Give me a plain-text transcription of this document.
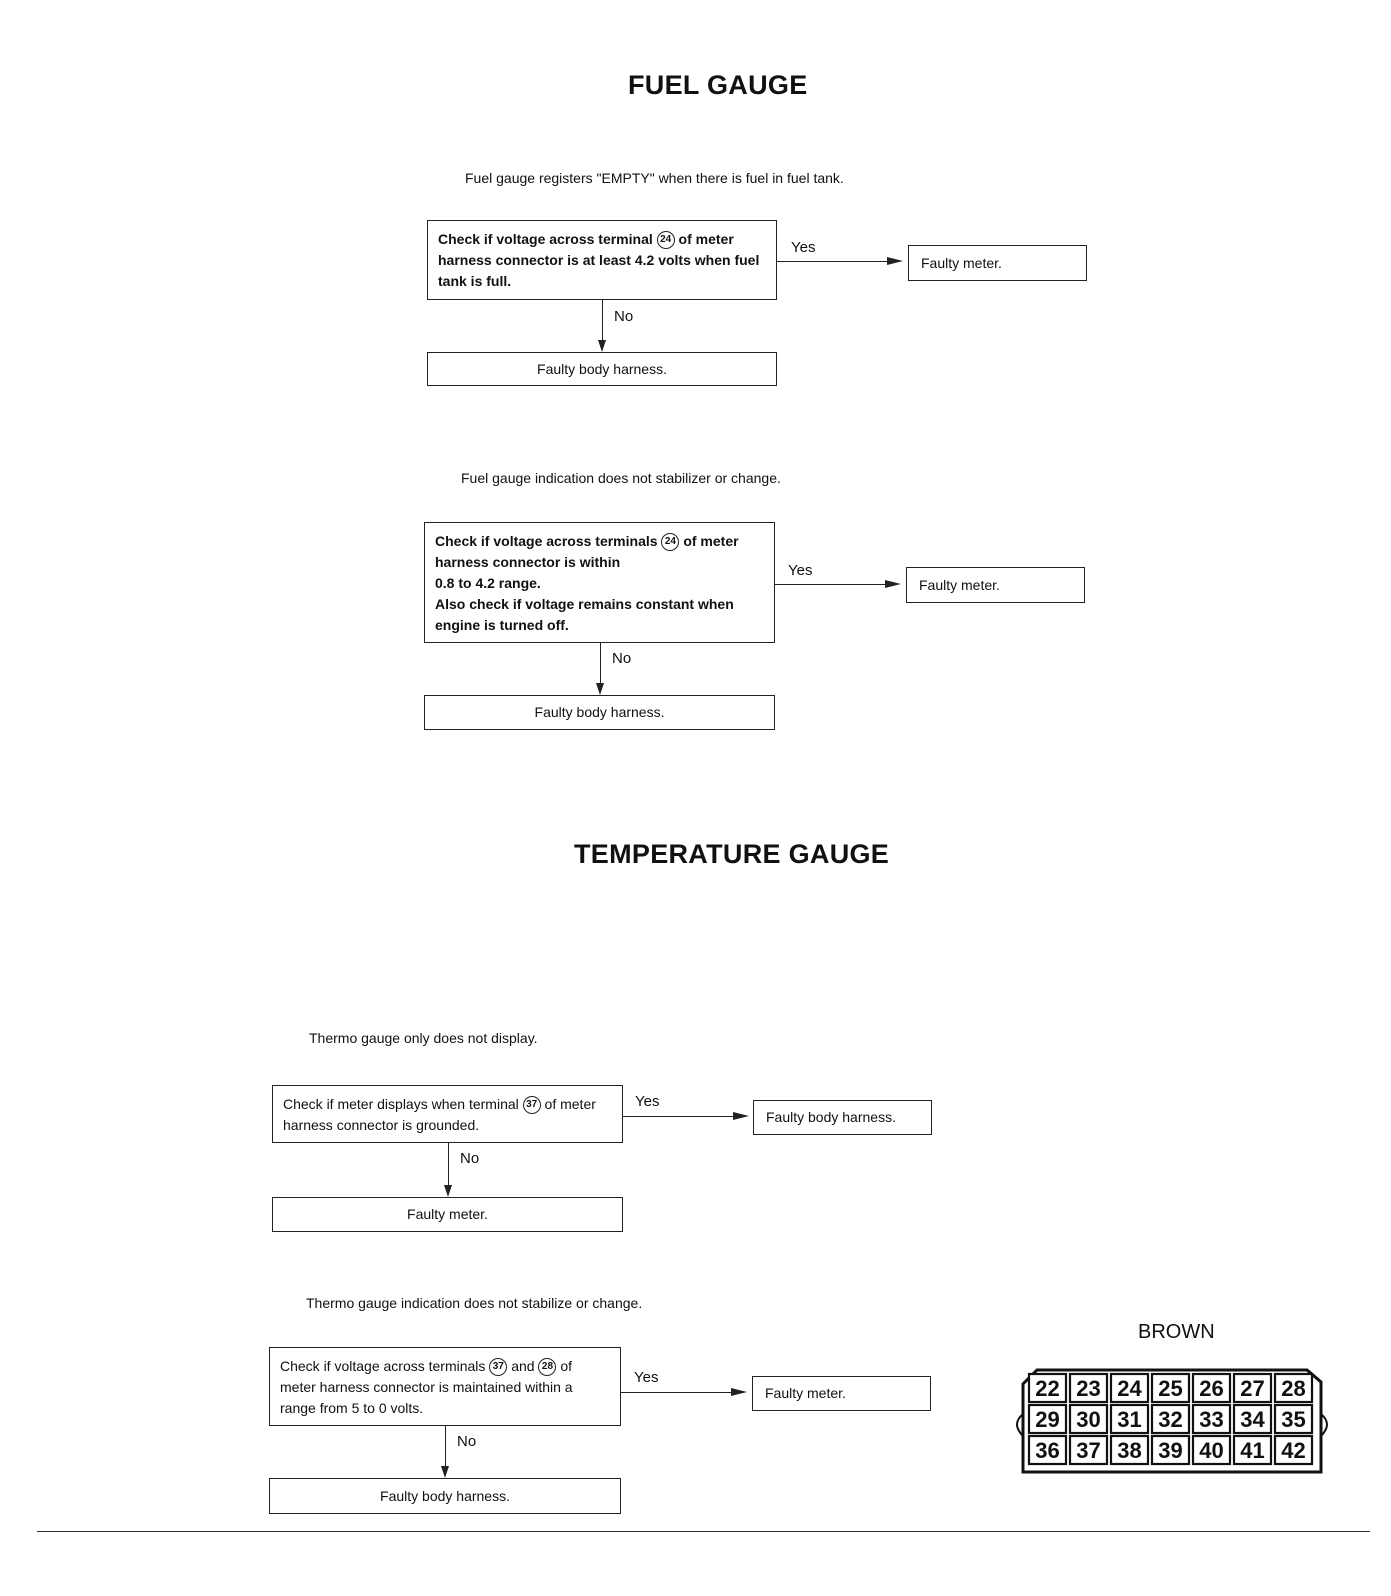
FUEL GAUGE
Fuel gauge registers "EMPTY" when there is fuel in fuel tank.
Check if voltage across terminal 24 of meter harness connector is at least 4.2 volts when fuel tank is full.
Yes
Faulty meter.
No
Faulty body harness.
Fuel gauge indication does not stabilizer or change.
Check if voltage across terminals 24 of meter harness connector is within
0.8 to 4.2 range.
Also check if voltage remains constant when engine is turned off.
Yes
Faulty meter.
No
Faulty body harness.
TEMPERATURE GAUGE
Thermo gauge only does not display.
Check if meter displays when terminal 37 of meter harness connector is grounded.
Yes
Faulty body harness.
No
Faulty meter.
Thermo gauge indication does not stabilize or change.
Check if voltage across terminals 37 and 28 of meter harness connector is maintained within a range from 5 to 0 volts.
Yes
Faulty meter.
No
Faulty body harness.
BROWN
22 23 24 25 26 27 28
29 30 31 32 33 34 35
36 37 38 39 40 41 42
